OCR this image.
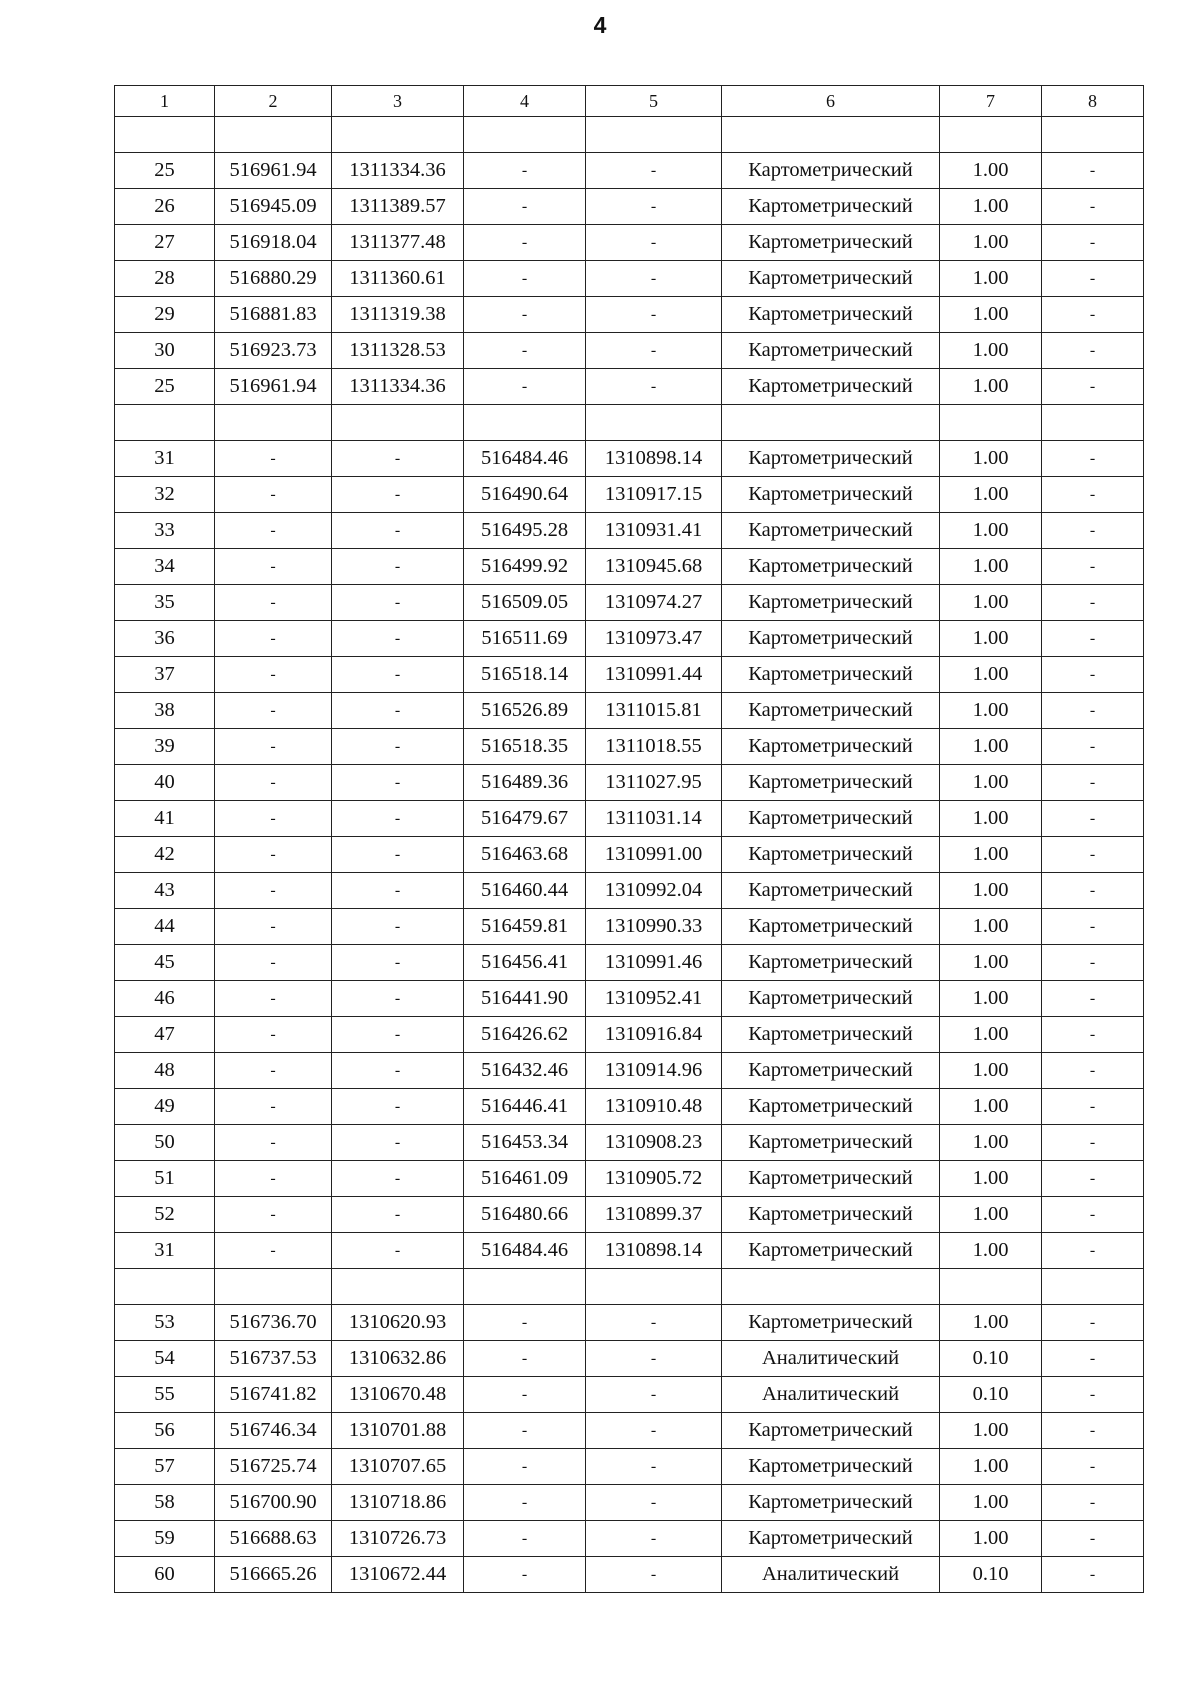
4
1	2	3	4	5	6	7	8

25	516961.94	1311334.36	-	-	Картометрический	1.00	-
26	516945.09	1311389.57	-	-	Картометрический	1.00	-
27	516918.04	1311377.48	-	-	Картометрический	1.00	-
28	516880.29	1311360.61	-	-	Картометрический	1.00	-
29	516881.83	1311319.38	-	-	Картометрический	1.00	-
30	516923.73	1311328.53	-	-	Картометрический	1.00	-
25	516961.94	1311334.36	-	-	Картометрический	1.00	-

31	-	-	516484.46	1310898.14	Картометрический	1.00	-
32	-	-	516490.64	1310917.15	Картометрический	1.00	-
33	-	-	516495.28	1310931.41	Картометрический	1.00	-
34	-	-	516499.92	1310945.68	Картометрический	1.00	-
35	-	-	516509.05	1310974.27	Картометрический	1.00	-
36	-	-	516511.69	1310973.47	Картометрический	1.00	-
37	-	-	516518.14	1310991.44	Картометрический	1.00	-
38	-	-	516526.89	1311015.81	Картометрический	1.00	-
39	-	-	516518.35	1311018.55	Картометрический	1.00	-
40	-	-	516489.36	1311027.95	Картометрический	1.00	-
41	-	-	516479.67	1311031.14	Картометрический	1.00	-
42	-	-	516463.68	1310991.00	Картометрический	1.00	-
43	-	-	516460.44	1310992.04	Картометрический	1.00	-
44	-	-	516459.81	1310990.33	Картометрический	1.00	-
45	-	-	516456.41	1310991.46	Картометрический	1.00	-
46	-	-	516441.90	1310952.41	Картометрический	1.00	-
47	-	-	516426.62	1310916.84	Картометрический	1.00	-
48	-	-	516432.46	1310914.96	Картометрический	1.00	-
49	-	-	516446.41	1310910.48	Картометрический	1.00	-
50	-	-	516453.34	1310908.23	Картометрический	1.00	-
51	-	-	516461.09	1310905.72	Картометрический	1.00	-
52	-	-	516480.66	1310899.37	Картометрический	1.00	-
31	-	-	516484.46	1310898.14	Картометрический	1.00	-

53	516736.70	1310620.93	-	-	Картометрический	1.00	-
54	516737.53	1310632.86	-	-	Аналитический	0.10	-
55	516741.82	1310670.48	-	-	Аналитический	0.10	-
56	516746.34	1310701.88	-	-	Картометрический	1.00	-
57	516725.74	1310707.65	-	-	Картометрический	1.00	-
58	516700.90	1310718.86	-	-	Картометрический	1.00	-
59	516688.63	1310726.73	-	-	Картометрический	1.00	-
60	516665.26	1310672.44	-	-	Аналитический	0.10	-
